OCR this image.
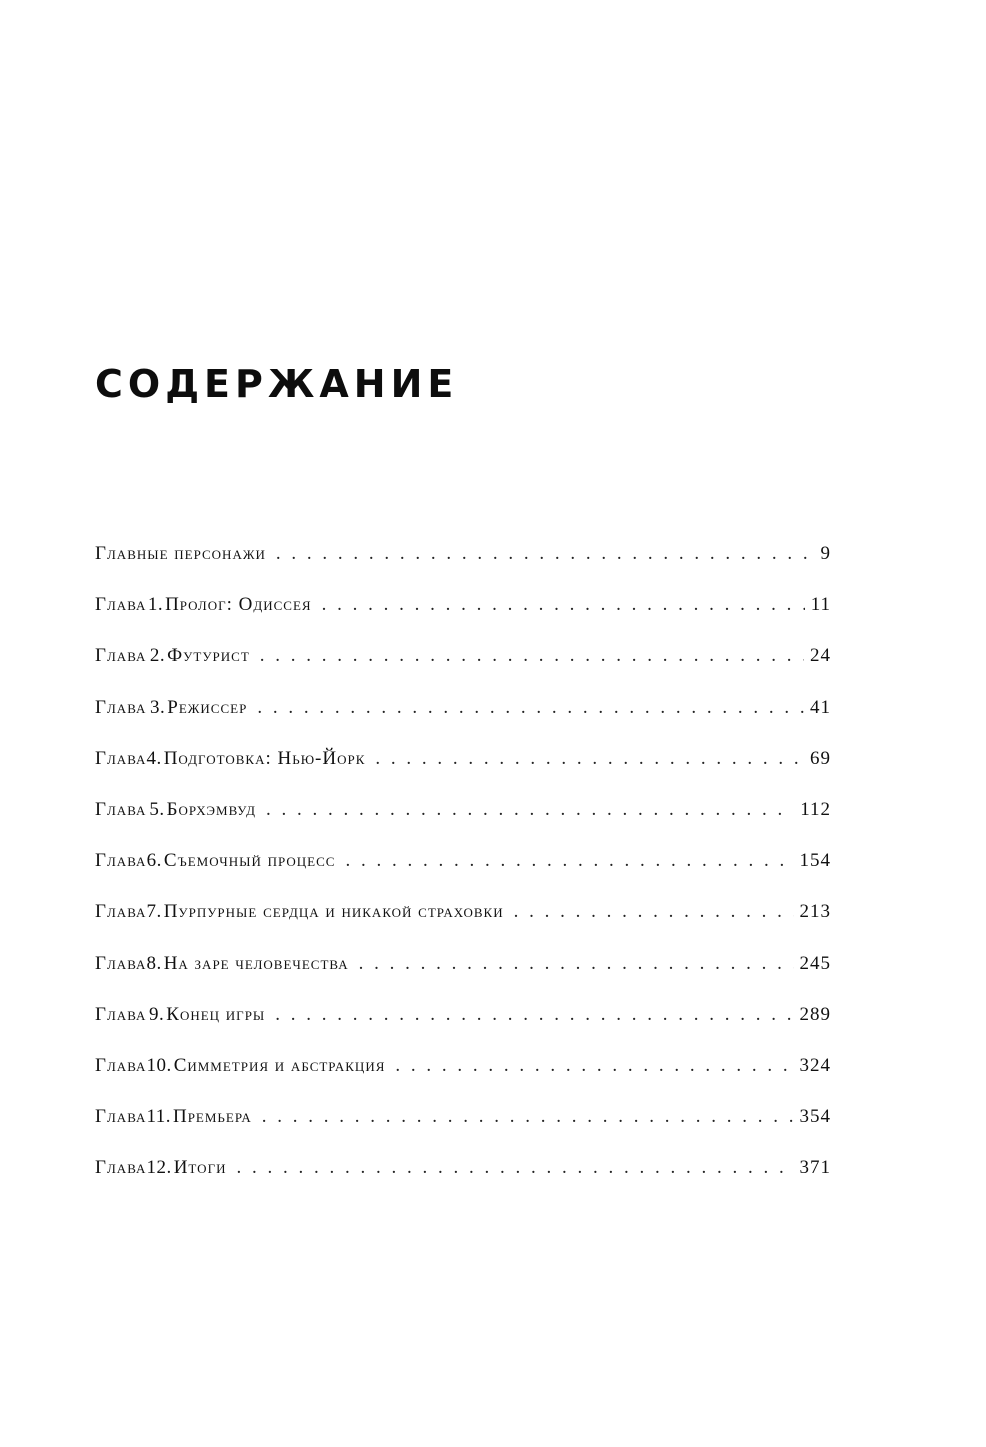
СОДЕРЖАНИЕ
Главные персонажи . . .	9
Глава 1. Пролог: Одиссея . . .	11
Глава 2. Футурист . . .	24
Глава 3. Режиссер . . .	41
Глава 4. Подготовка: Нью-Йорк . . .	69
Глава 5. Борхэмвуд . . .	112
Глава 6. Съемочный процесс . . .	154
Глава 7. Пурпурные сердца и никакой страховки . . .	213
Глава 8. На заре человечества . . .	245
Глава 9. Конец игры . . .	289
Глава 10. Симметрия и абстракция . . .	324
Глава 11. Премьера . . .	354
Глава 12. Итоги . . .	371
